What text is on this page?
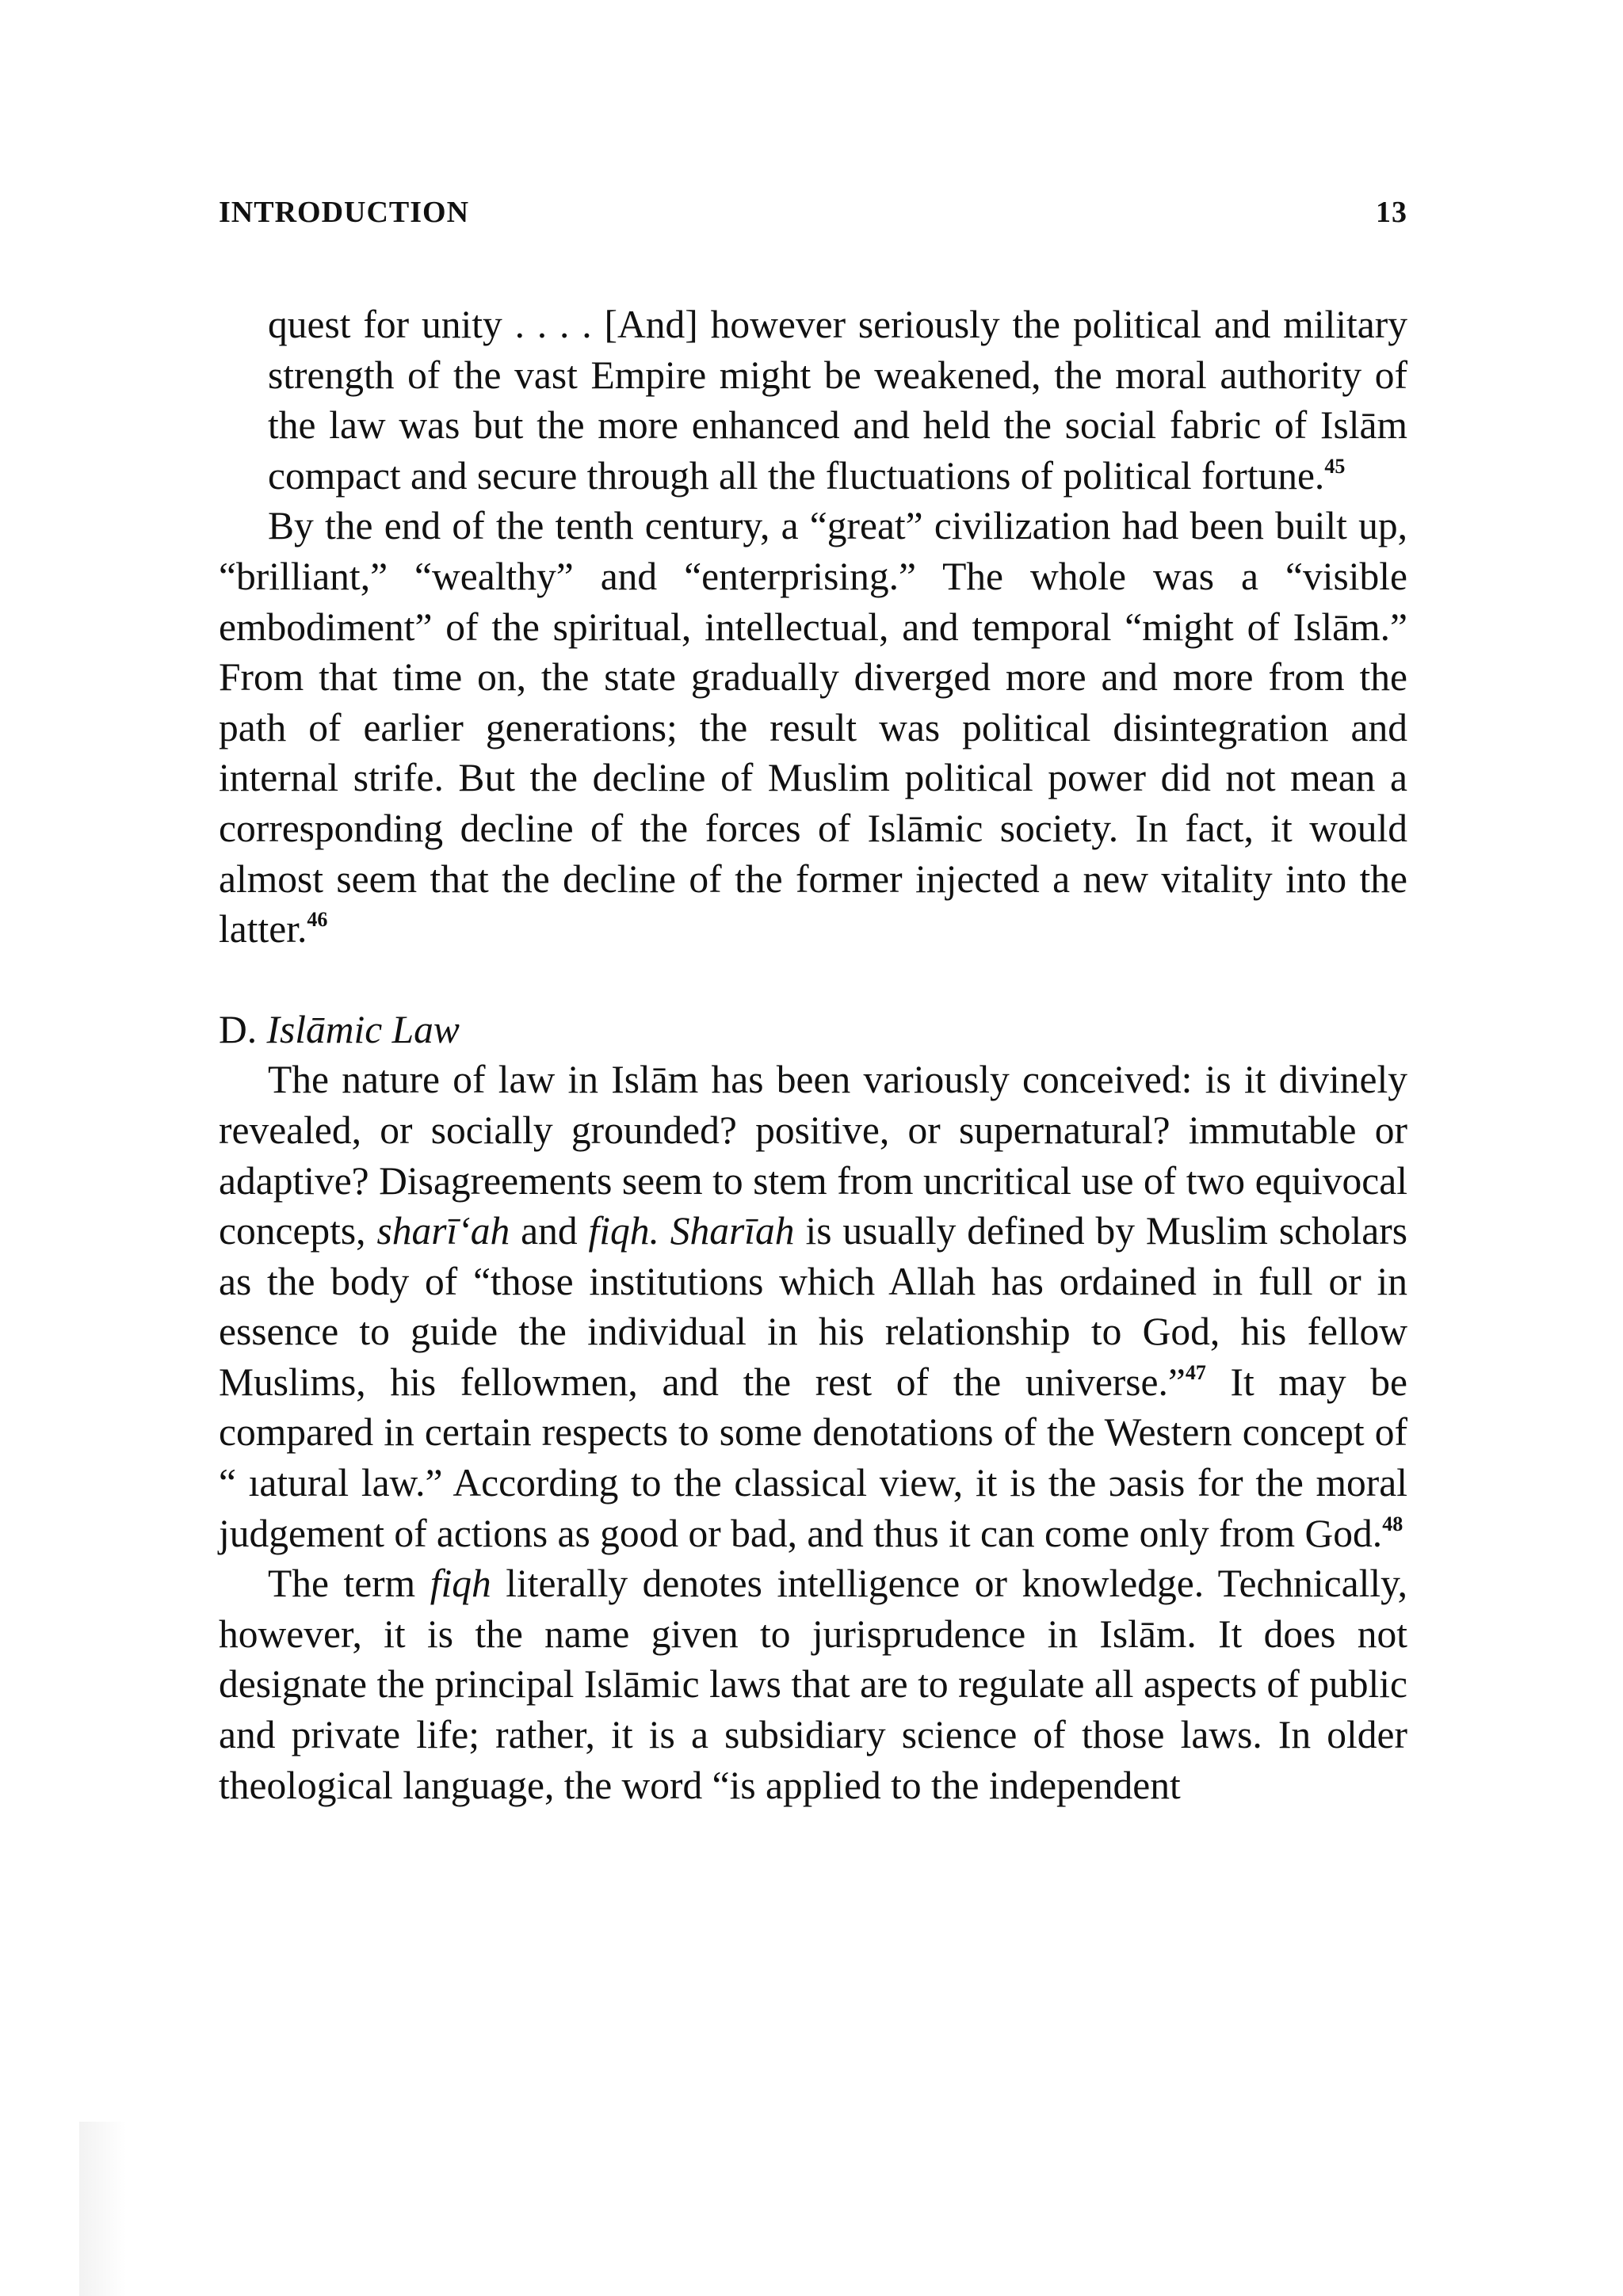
INTRODUCTION	13

quest for unity . . . . [And] however seriously the political and military strength of the vast Empire might be weakened, the moral authority of the law was but the more enhanced and held the social fabric of Islām compact and secure through all the fluctuations of political fortune.$^{45}$

By the end of the tenth century, a “great” civilization had been built up, “brilliant,” “wealthy” and “enterprising.” The whole was a “visible embodiment” of the spiritual, intellectual, and temporal “might of Islām.” From that time on, the state gradually diverged more and more from the path of earlier generations; the result was political disintegration and internal strife. But the decline of Muslim political power did not mean a corresponding decline of the forces of Islāmic society. In fact, it would almost seem that the decline of the former injected a new vitality into the latter.$^{46}$

D. Islāmic Law

The nature of law in Islām has been variously conceived: is it divinely revealed, or socially grounded? positive, or supernatural? immutable or adaptive? Disagreements seem to stem from uncritical use of two equivocal concepts, sharī‘ah and fiqh. Sharīah is usually defined by Muslim scholars as the body of “those institutions which Allah has ordained in full or in essence to guide the individual in his relationship to God, his fellow Muslims, his fellowmen, and the rest of the universe.”$^{47}$ It may be compared in certain respects to some denotations of the Western concept of “ ıatural law.” According to the classical view, it is the ɔasis for the moral judgement of actions as good or bad, and thus it can come only from God.$^{48}$

The term fiqh literally denotes intelligence or knowledge. Technically, however, it is the name given to jurisprudence in Islām. It does not designate the principal Islāmic laws that are to regulate all aspects of public and private life; rather, it is a subsidiary science of those laws. In older theological language, the word “is applied to the independent
